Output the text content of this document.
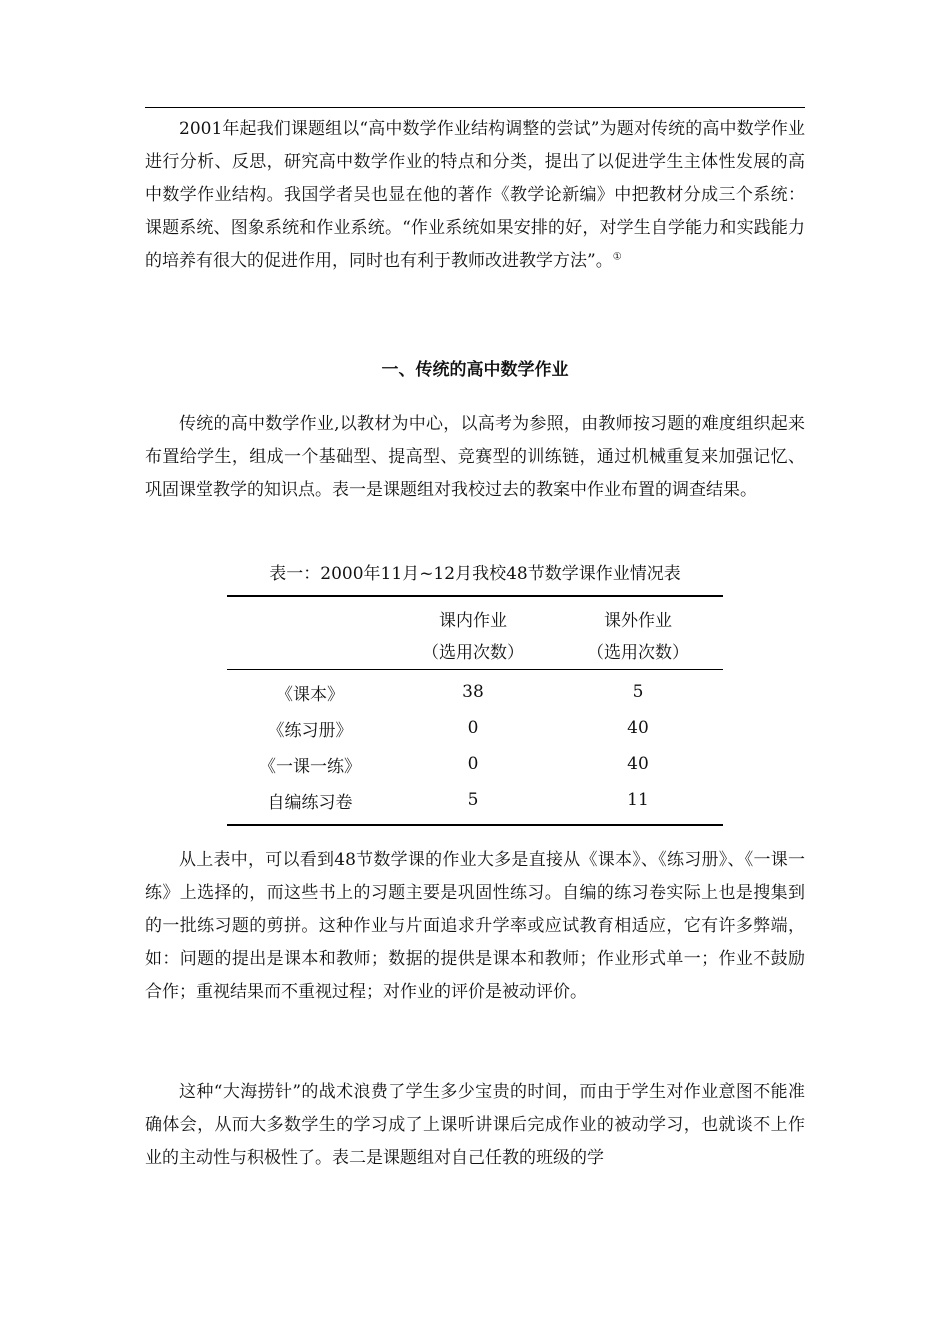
2001年起我们课题组以“高中数学作业结构调整的尝试”为题对传统的高中数学作业进行分析、反思，研究高中数学作业的特点和分类，提出了以促进学生主体性发展的高中数学作业结构。我国学者吴也显在他的著作《教学论新编》中把教材分成三个系统：课题系统、图象系统和作业系统。“作业系统如果安排的好，对学生自学能力和实践能力的培养有很大的促进作用，同时也有利于教师改进教学方法”。①

一、传统的高中数学作业

传统的高中数学作业,以教材为中心，以高考为参照，由教师按习题的难度组织起来布置给学生，组成一个基础型、提高型、竞赛型的训练链，通过机械重复来加强记忆、巩固课堂教学的知识点。表一是课题组对我校过去的教案中作业布置的调查结果。

表一：2000年11月~12月我校48节数学课作业情况表
	课内作业	课外作业
	（选用次数）	（选用次数）
《课本》	38	5
《练习册》	0	40
《一课一练》	0	40
自编练习卷	5	11

从上表中，可以看到48节数学课的作业大多是直接从《课本》、《练习册》、《一课一练》上选择的，而这些书上的习题主要是巩固性练习。自编的练习卷实际上也是搜集到的一批练习题的剪拼。这种作业与片面追求升学率或应试教育相适应，它有许多弊端，如：问题的提出是课本和教师；数据的提供是课本和教师；作业形式单一；作业不鼓励合作；重视结果而不重视过程；对作业的评价是被动评价。

这种“大海捞针”的战术浪费了学生多少宝贵的时间，而由于学生对作业意图不能准确体会，从而大多数学生的学习成了上课听讲课后完成作业的被动学习，也就谈不上作业的主动性与积极性了。表二是课题组对自己任教的班级的学
